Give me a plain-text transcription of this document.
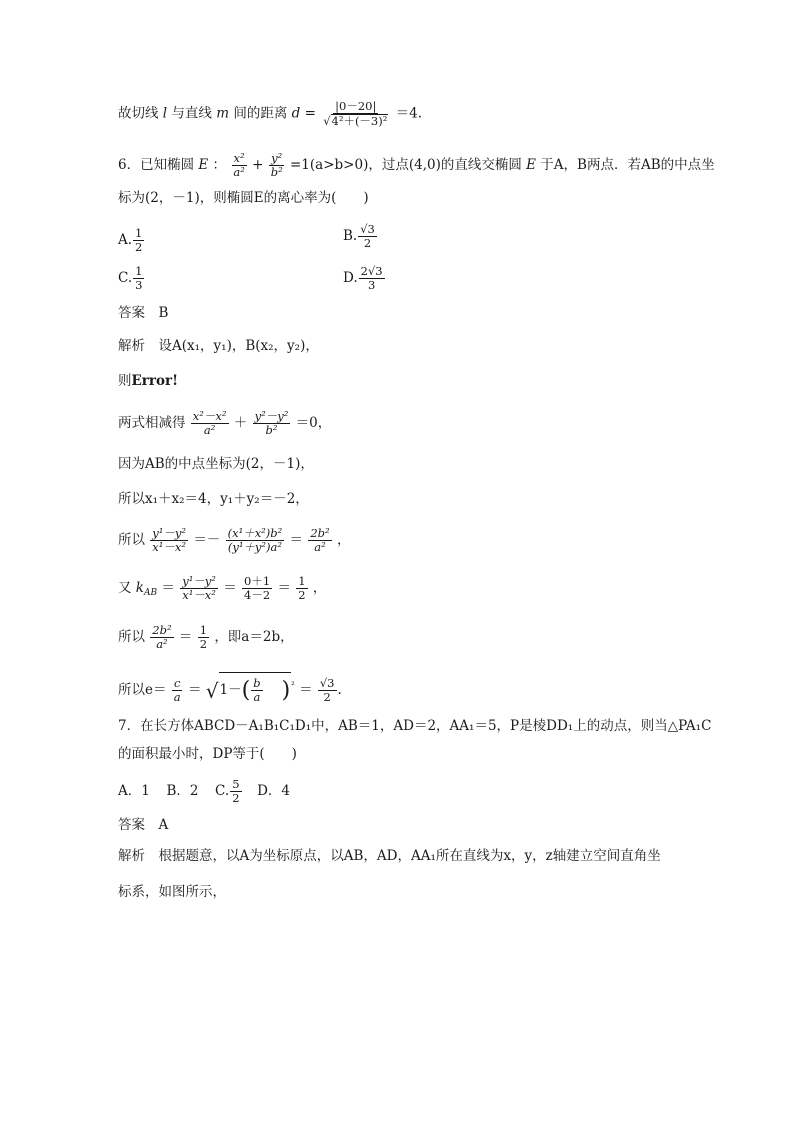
故切线 l 与直线 m 间的距离 $d = \frac{|0-20|}{\text{√4²＋(－3)²}} =4$.
6．已知椭圆 E ： $\frac{\text{x²}}{\text{a²}} + \frac{\text{y²}}{\text{b²}} =1(a>b>0)$，过点(4,0)的直线交椭圆 E 于A，B两点．若AB的中点坐
标为(2，－1)，则椭圆E的离心率为(　　)
A. $\frac{1}{2}$	B. $\frac{√3}{2}$
C. $\frac{1}{3}$	D. $\frac{2√3}{3}$
答案　 B
解析　 设A(x₁，y₁)，B(x₂，y₂)，
则Error!
两式相减得 $\frac{\text{x²－x²}}{\text{a²}} + \frac{\text{y²－y²}}{\text{b²}} =0$，
因为AB的中点坐标为(2，－1)，
所以x₁＋x₂＝4，y₁＋y₂＝－2，
所以 $\frac{\text{y¹－y²}}{\text{x¹－x²}} =- \frac{\text{(x¹＋x²)b²}}{\text{(y¹＋y²)a²}} = \frac{\text{2b²}}{\text{a²}}$ ，
又 $k_{AB} = \frac{\text{y¹－y²}}{\text{x¹－x²}} = \frac{0+1}{4-2} = \frac{1}{2}$ ，
所以 $\frac{\text{2b²}}{\text{a²}} = \frac{1}{2}$ ，即a＝2b，
所以$e= \frac{c}{a} = √1-( \frac{b}{a} )^{^2} = \frac{√3}{2}$ .
7．在长方体ABCD－A₁B₁C₁D₁中，AB＝1，AD＝2，AA₁＝5，P是棱DD₁上的动点，则当△PA₁C
的面积最小时，DP等于(　　)
A．1 B．2 C. $\frac{5}{2}$ D．4
答案　 A
解析　 根据题意，以A为坐标原点，以AB，AD，AA₁所在直线为x，y，z轴建立空间直角坐
标系，如图所示，
